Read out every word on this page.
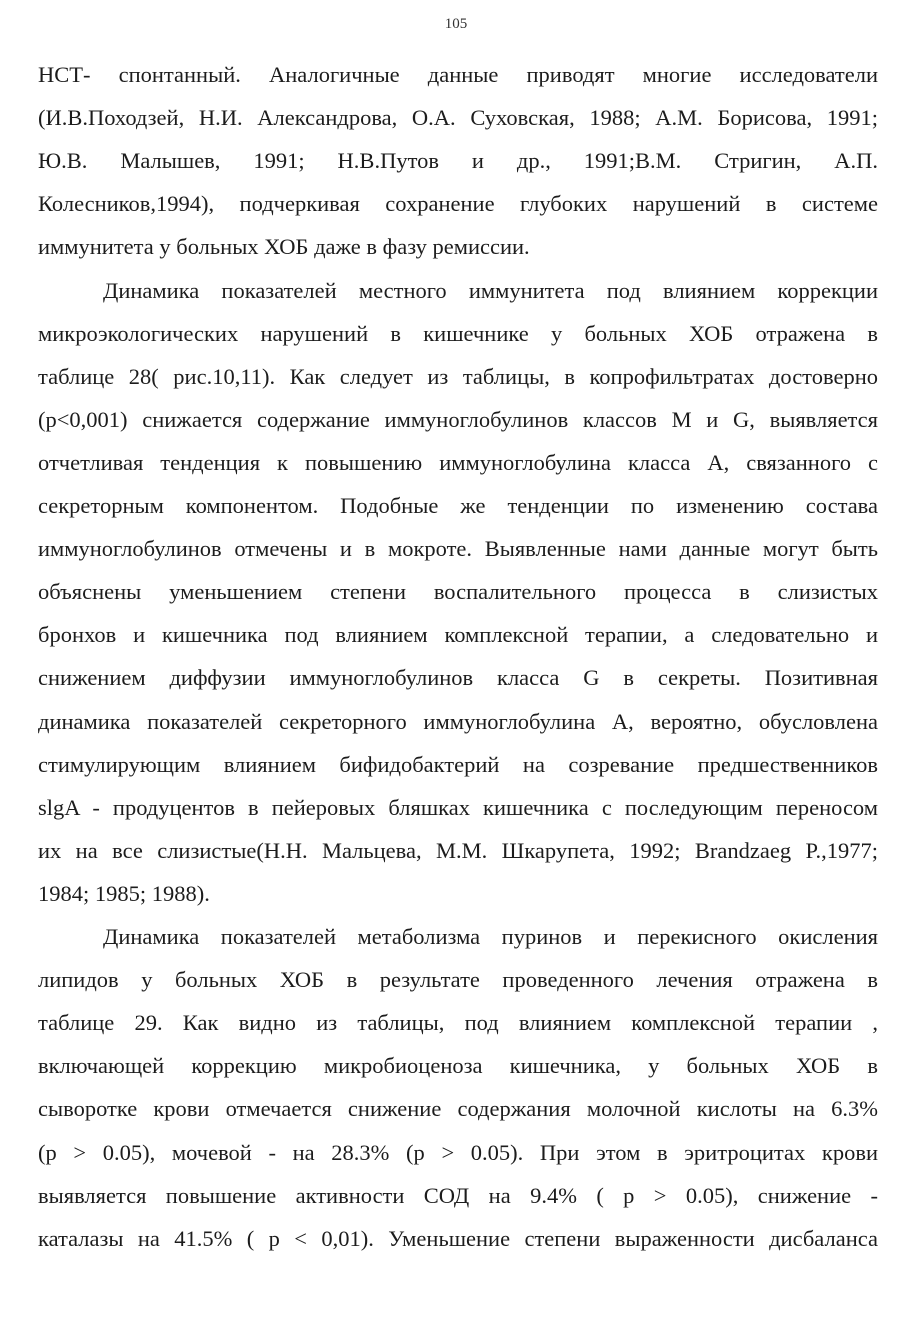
105
НСТ- спонтанный. Аналогичные данные приводят многие исследователи
(И.В.Походзей, Н.И. Александрова, О.А. Суховская, 1988; А.М. Борисова, 1991;
Ю.В. Малышев, 1991; Н.В.Путов и др., 1991;В.М. Стригин, А.П.
Колесников,1994), подчеркивая сохранение глубоких нарушений в системе
иммунитета у больных ХОБ даже в фазу ремиссии.
Динамика показателей местного иммунитета под влиянием коррекции
микроэкологических нарушений в кишечнике у больных ХОБ отражена в
таблице 28( рис.10,11). Как следует из таблицы, в копрофильтратах достоверно
(р<0,001) снижается содержание иммуноглобулинов классов М и G, выявляется
отчетливая тенденция к повышению иммуноглобулина класса А, связанного с
секреторным компонентом. Подобные же тенденции по изменению состава
иммуноглобулинов отмечены и в мокроте. Выявленные нами данные могут быть
объяснены уменьшением степени воспалительного процесса в слизистых
бронхов и кишечника под влиянием комплексной терапии, а следовательно и
снижением диффузии иммуноглобулинов класса G в секреты. Позитивная
динамика показателей секреторного иммуноглобулина А, вероятно, обусловлена
стимулирующим влиянием бифидобактерий на созревание предшественников
slgA - продуцентов в пейеровых бляшках кишечника с последующим переносом
их на все слизистые(Н.Н. Мальцева, М.М. Шкарупета, 1992; Brandzaeg P.,1977;
1984; 1985; 1988).
Динамика показателей метаболизма пуринов и перекисного окисления
липидов у больных ХОБ в результате проведенного лечения отражена в
таблице 29. Как видно из таблицы, под влиянием комплексной терапии ,
включающей коррекцию микробиоценоза кишечника, у больных ХОБ в
сыворотке крови отмечается снижение содержания молочной кислоты на 6.3%
(р > 0.05), мочевой - на 28.3% (р > 0.05). При этом в эритроцитах крови
выявляется повышение активности СОД на 9.4% ( р > 0.05), снижение -
каталазы на 41.5% ( р < 0,01). Уменьшение степени выраженности дисбаланса
